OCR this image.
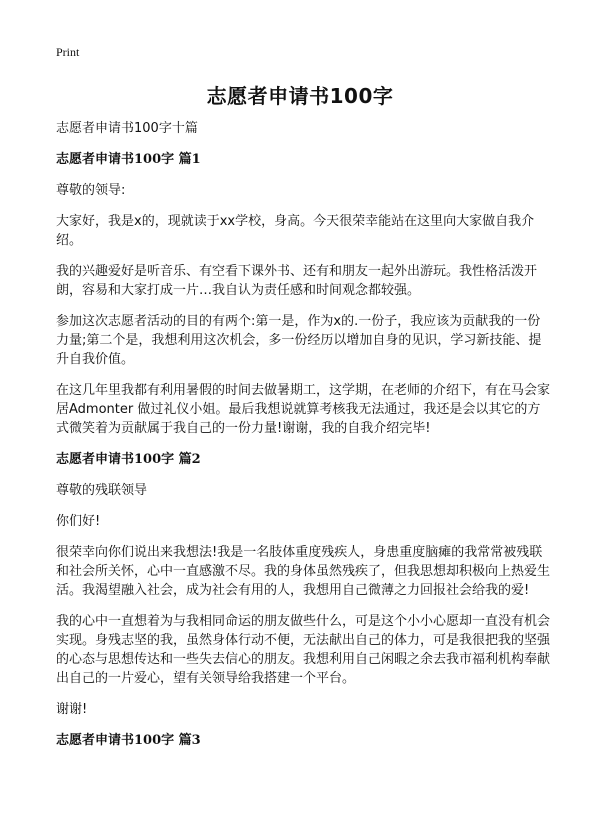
Print
志愿者申请书100字

志愿者申请书100字十篇

志愿者申请书100字 篇1

尊敬的领导:

大家好，我是x的，现就读于xx学校，身高。今天很荣幸能站在这里向大家做自我介绍。

我的兴趣爱好是听音乐、有空看下课外书、还有和朋友一起外出游玩。我性格活泼开朗，容易和大家打成一片…我自认为责任感和时间观念都较强。

参加这次志愿者活动的目的有两个:第一是，作为x的.一份子，我应该为贡献我的一份力量;第二个是，我想利用这次机会，多一份经历以增加自身的见识，学习新技能、提升自我价值。

在这几年里我都有利用暑假的时间去做暑期工，这学期，在老师的介绍下，有在马会家居Admonter 做过礼仪小姐。最后我想说就算考核我无法通过，我还是会以其它的方式微笑着为贡献属于我自己的一份力量!谢谢，我的自我介绍完毕!

志愿者申请书100字 篇2

尊敬的残联领导

你们好!

很荣幸向你们说出来我想法!我是一名肢体重度残疾人，身患重度脑瘫的我常常被残联和社会所关怀，心中一直感激不尽。我的身体虽然残疾了，但我思想却积极向上热爱生活。我渴望融入社会，成为社会有用的人，我想用自己微薄之力回报社会给我的爱!

我的心中一直想着为与我相同命运的朋友做些什么，可是这个小小心愿却一直没有机会实现。身残志坚的我，虽然身体行动不便，无法献出自己的体力，可是我很把我的坚强的心态与思想传达和一些失去信心的朋友。我想利用自己闲暇之余去我市福利机构奉献出自己的一片爱心，望有关领导给我搭建一个平台。

谢谢!

志愿者申请书100字 篇3
